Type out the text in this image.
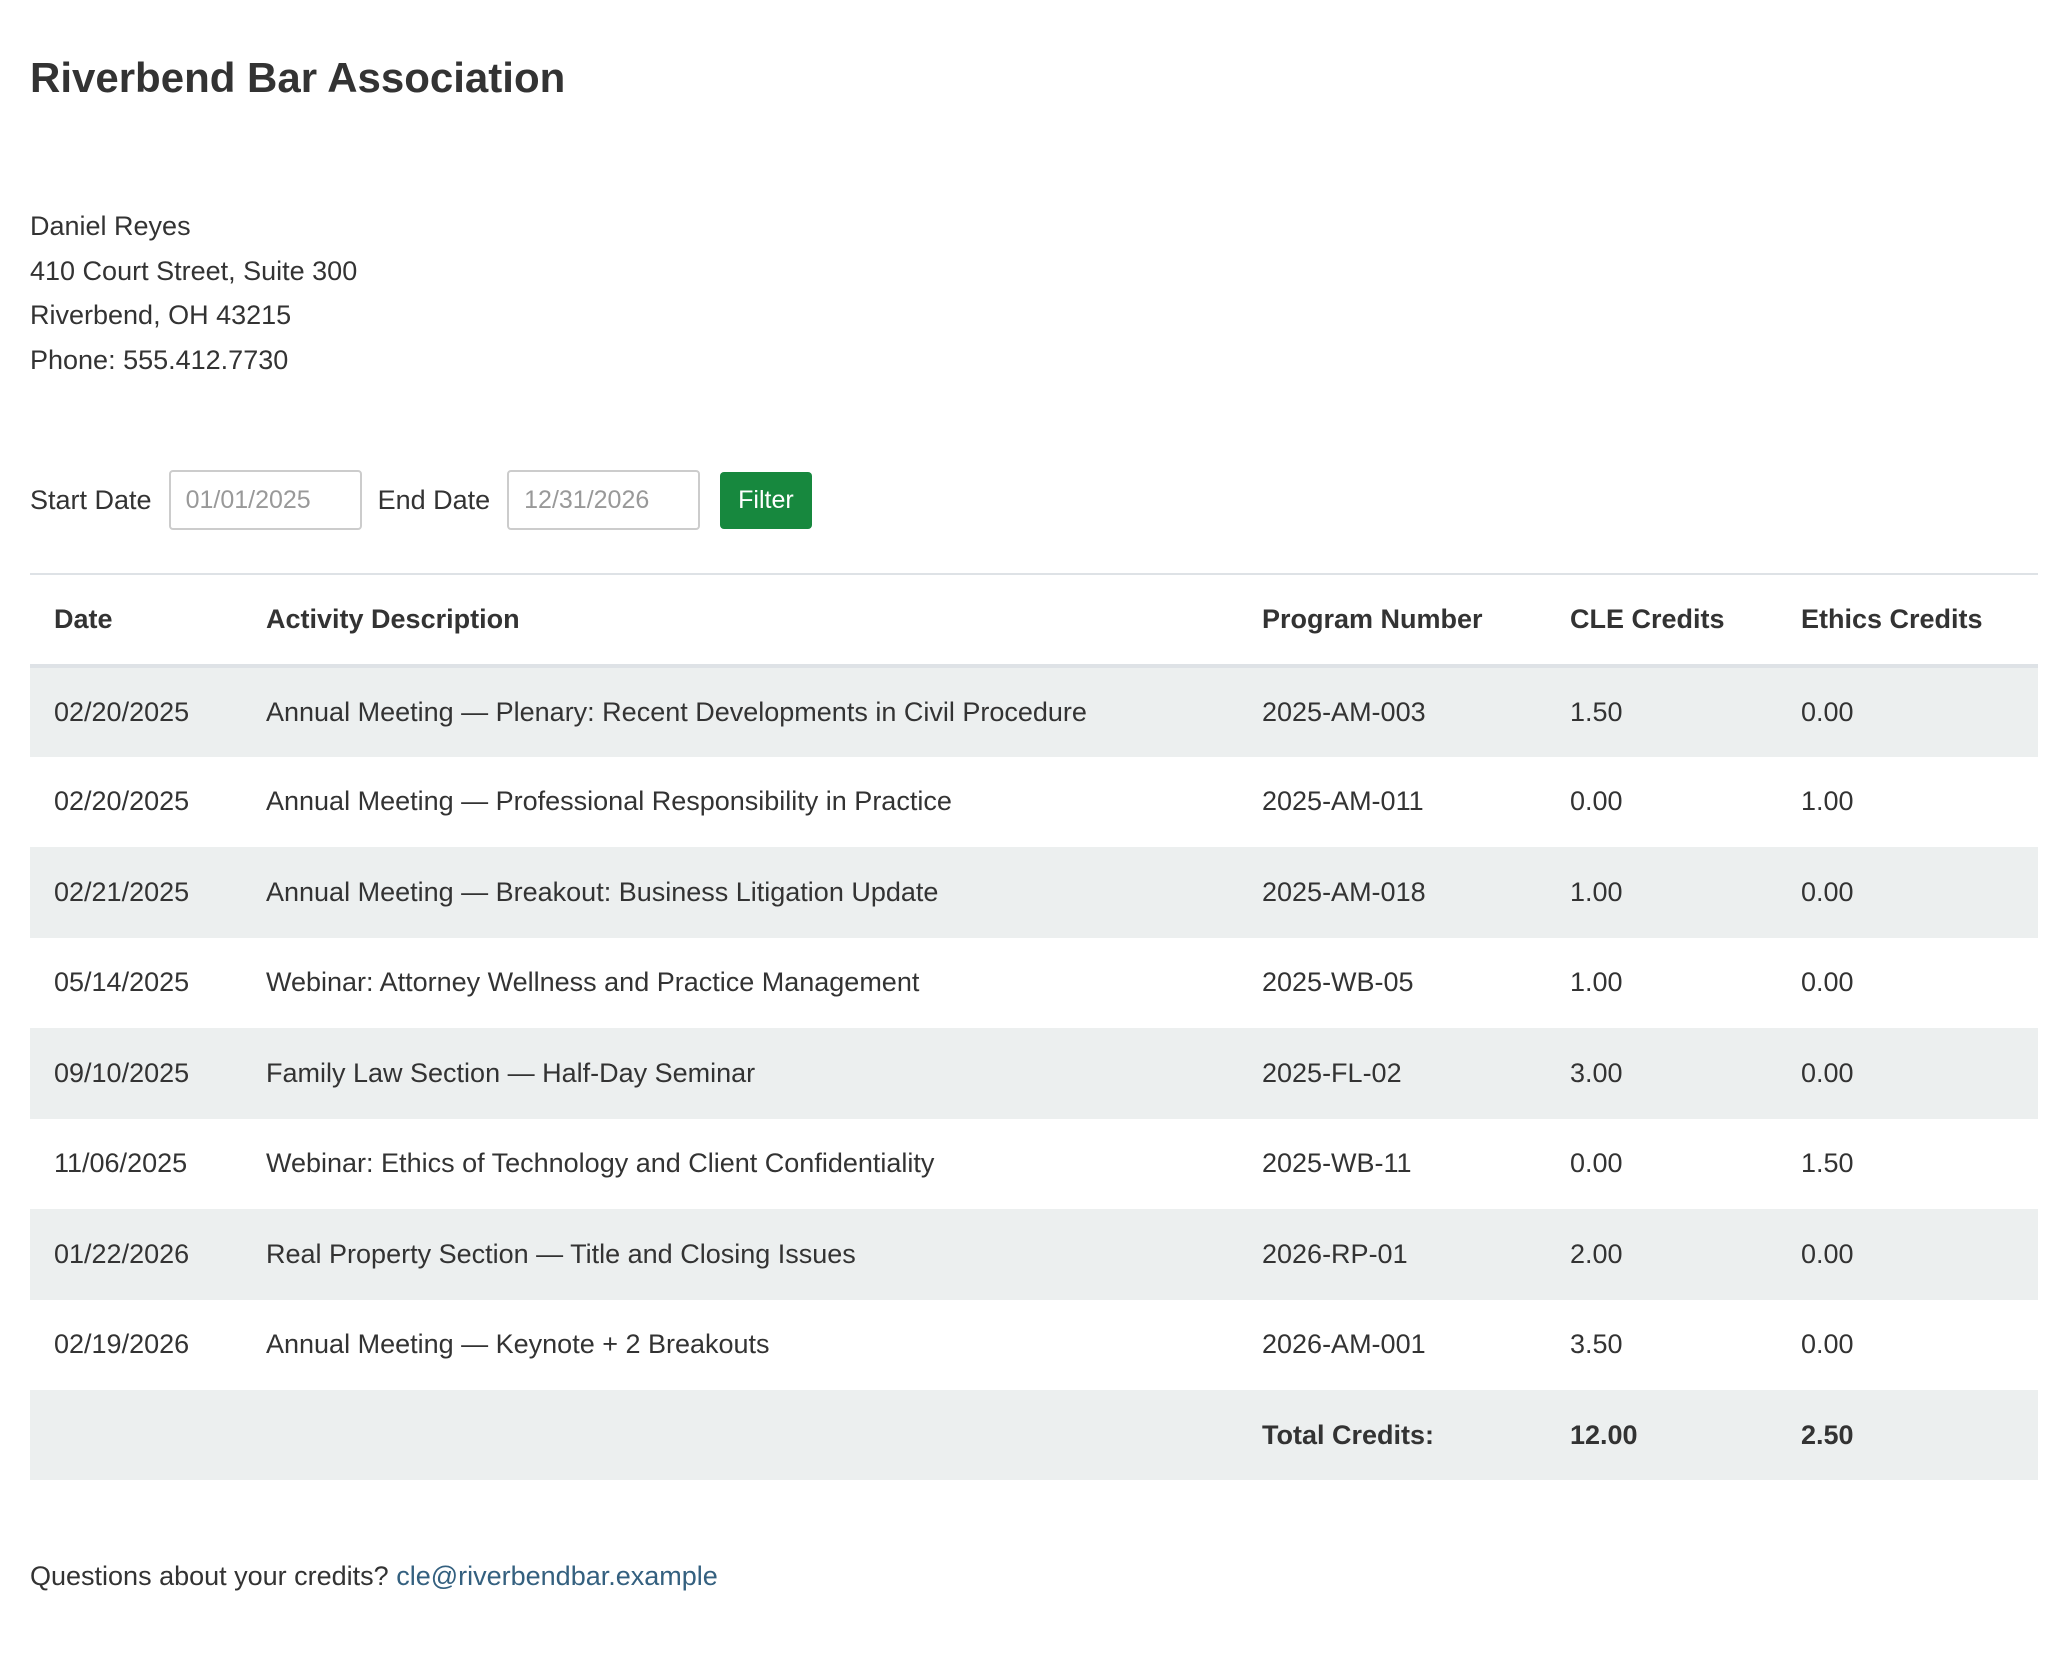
Riverbend Bar Association
Daniel Reyes
410 Court Street, Suite 300
Riverbend, OH 43215
Phone: 555.412.7730
Start Date
01/01/2025	End Date
12/31/2026	Filter
Date	Activity Description	Program Number	CLE Credits	Ethics Credits
02/20/2025	Annual Meeting — Plenary: Recent Developments in Civil Procedure	2025-AM-003	1.50	0.00
02/20/2025	Annual Meeting — Professional Responsibility in Practice	2025-AM-011	0.00	1.00
02/21/2025	Annual Meeting — Breakout: Business Litigation Update	2025-AM-018	1.00	0.00
05/14/2025	Webinar: Attorney Wellness and Practice Management	2025-WB-05	1.00	0.00
09/10/2025	Family Law Section — Half-Day Seminar	2025-FL-02	3.00	0.00
11/06/2025	Webinar: Ethics of Technology and Client Confidentiality	2025-WB-11	0.00	1.50
01/22/2026	Real Property Section — Title and Closing Issues	2026-RP-01	2.00	0.00
02/19/2026	Annual Meeting — Keynote + 2 Breakouts	2026-AM-001	3.50	0.00
		Total Credits:	12.00	2.50
Questions about your credits? cle@riverbendbar.example
